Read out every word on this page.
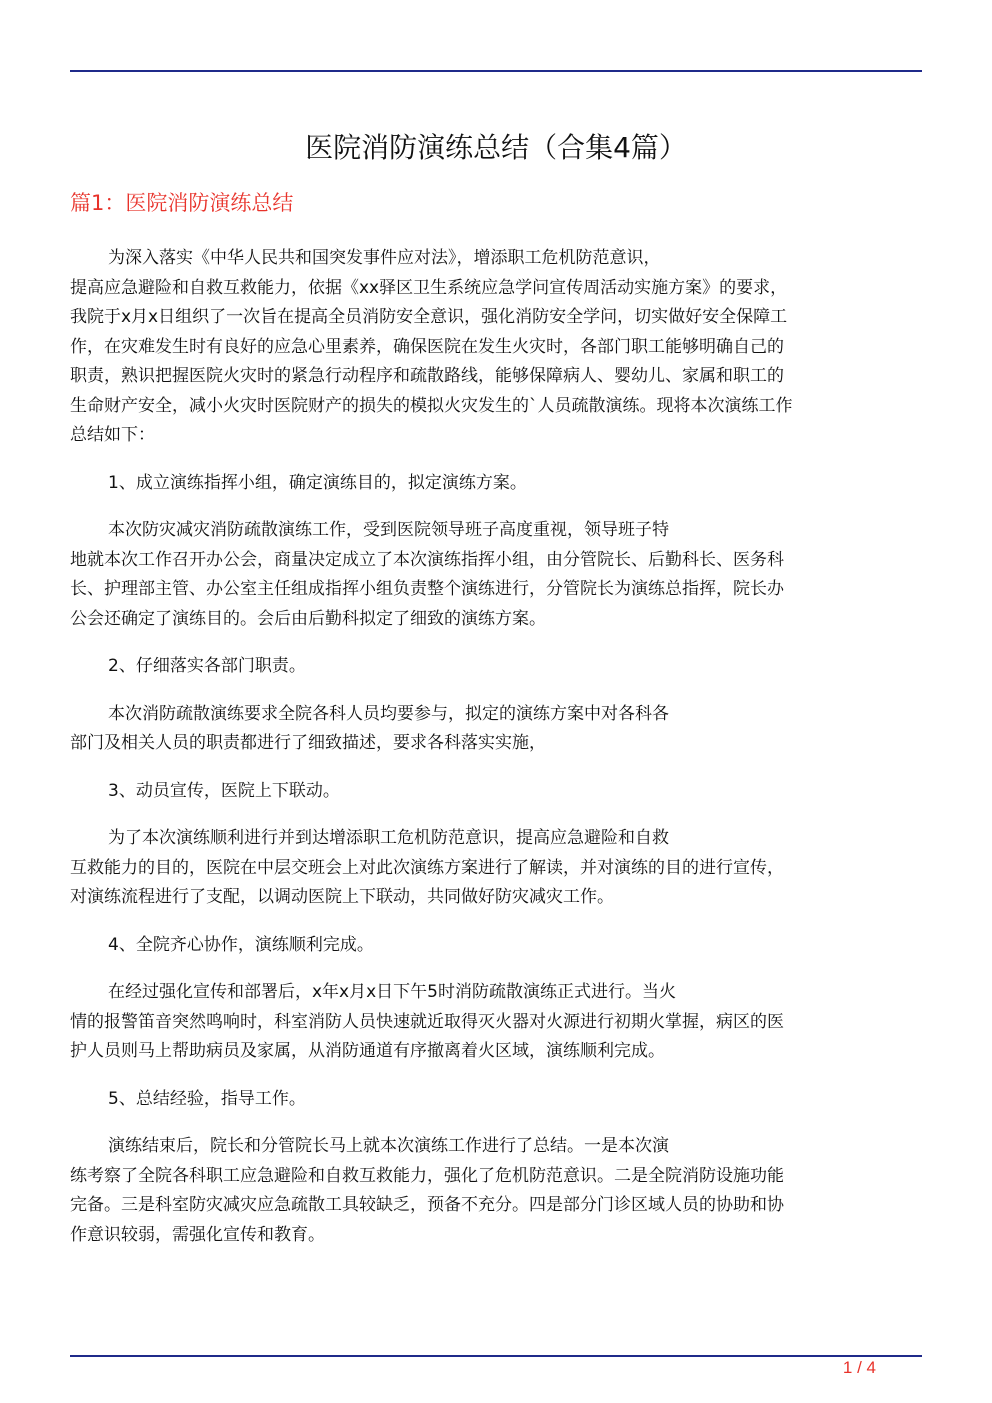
医院消防演练总结（合集4篇）
篇1：医院消防演练总结
为深入落实《中华人民共和国突发事件应对法》，增添职工危机防范意识，
提高应急避险和自救互救能力，依据《xx驿区卫生系统应急学问宣传周活动实施方案》的要求，
我院于x月x日组织了一次旨在提高全员消防安全意识，强化消防安全学问，切实做好安全保障工
作，在灾难发生时有良好的应急心里素养，确保医院在发生火灾时，各部门职工能够明确自己的
职责，熟识把握医院火灾时的紧急行动程序和疏散路线，能够保障病人、婴幼儿、家属和职工的
生命财产安全，减小火灾时医院财产的损失的模拟火灾发生的`人员疏散演练。现将本次演练工作
总结如下：
1、成立演练指挥小组，确定演练目的，拟定演练方案。
本次防灾减灾消防疏散演练工作，受到医院领导班子高度重视，领导班子特
地就本次工作召开办公会，商量决定成立了本次演练指挥小组，由分管院长、后勤科长、医务科
长、护理部主管、办公室主任组成指挥小组负责整个演练进行，分管院长为演练总指挥，院长办
公会还确定了演练目的。会后由后勤科拟定了细致的演练方案。
2、仔细落实各部门职责。
本次消防疏散演练要求全院各科人员均要参与，拟定的演练方案中对各科各
部门及相关人员的职责都进行了细致描述，要求各科落实实施，
3、动员宣传，医院上下联动。
为了本次演练顺利进行并到达增添职工危机防范意识，提高应急避险和自救
互救能力的目的，医院在中层交班会上对此次演练方案进行了解读，并对演练的目的进行宣传，
对演练流程进行了支配，以调动医院上下联动，共同做好防灾减灾工作。
4、全院齐心协作，演练顺利完成。
在经过强化宣传和部署后，x年x月x日下午5时消防疏散演练正式进行。当火
情的报警笛音突然鸣响时，科室消防人员快速就近取得灭火器对火源进行初期火掌握，病区的医
护人员则马上帮助病员及家属，从消防通道有序撤离着火区域，演练顺利完成。
5、总结经验，指导工作。
演练结束后，院长和分管院长马上就本次演练工作进行了总结。一是本次演
练考察了全院各科职工应急避险和自救互救能力，强化了危机防范意识。二是全院消防设施功能
完备。三是科室防灾减灾应急疏散工具较缺乏，预备不充分。四是部分门诊区域人员的协助和协
作意识较弱，需强化宣传和教育。
1 / 4
